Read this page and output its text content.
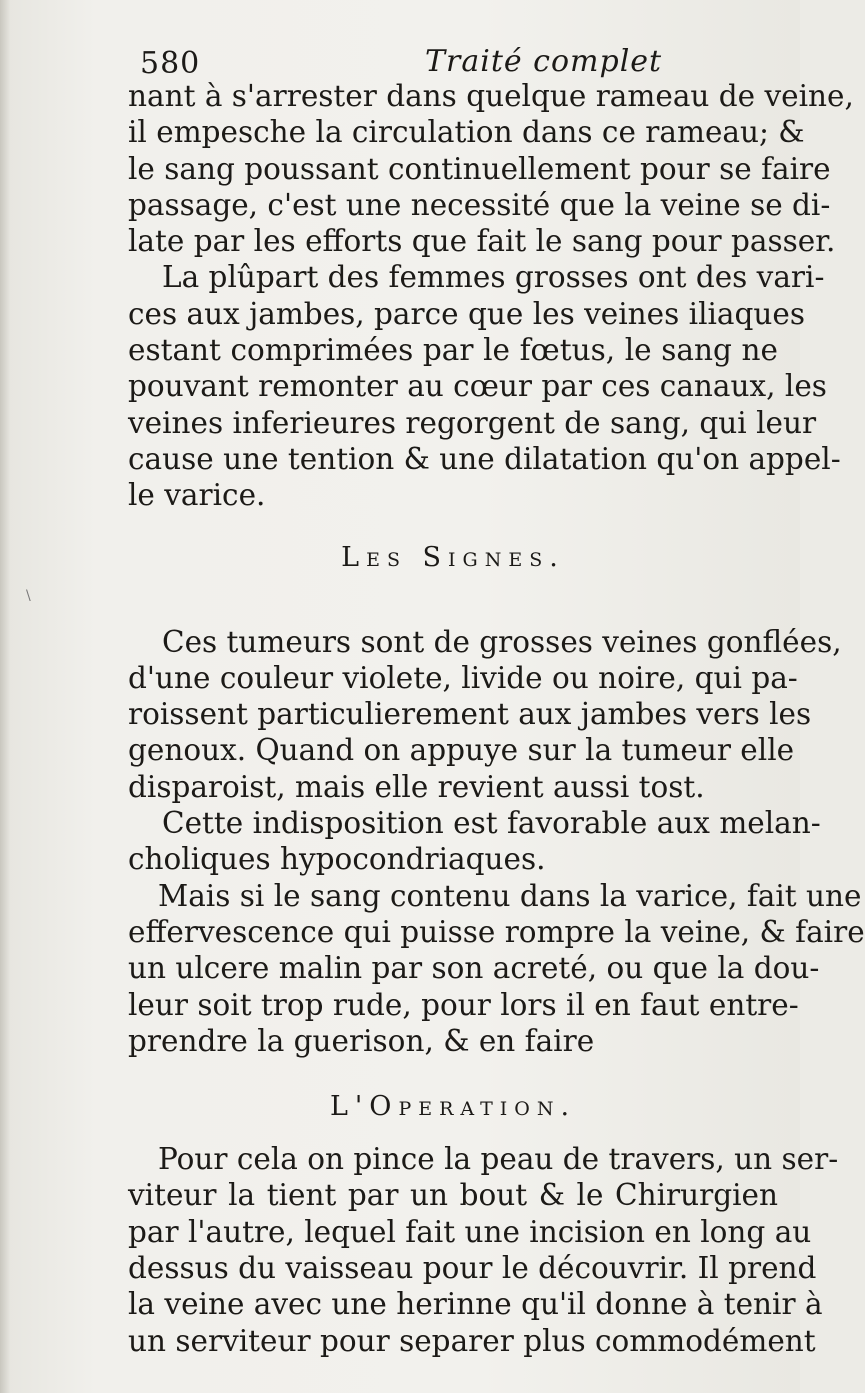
580	Traité complet
\
nant à s'arrester dans quelque rameau de veine,
il empesche la circulation dans ce rameau; &
le sang poussant continuellement pour se faire
passage, c'est une necessité que la veine se di-
late par les efforts que fait le sang pour passer.
La plûpart des femmes grosses ont des vari-
ces aux jambes, parce que les veines iliaques
estant comprimées par le fœtus, le sang ne
pouvant remonter au cœur par ces canaux, les
veines inferieures regorgent de sang, qui leur
cause une tention & une dilatation qu'on appel-
le varice.
Les Signes.
Ces tumeurs sont de grosses veines gonflées,
d'une couleur violete, livide ou noire, qui pa-
roissent particulierement aux jambes vers les
genoux. Quand on appuye sur la tumeur elle
disparoist, mais elle revient aussi tost.
Cette indisposition est favorable aux melan-
choliques hypocondriaques.
Mais si le sang contenu dans la varice, fait une
effervescence qui puisse rompre la veine, & faire
un ulcere malin par son acreté, ou que la dou-
leur soit trop rude, pour lors il en faut entre-
prendre la guerison, & en faire
L'Operation.
Pour cela on pince la peau de travers, un ser-
viteur la tient par un bout & le Chirurgien
par l'autre, lequel fait une incision en long au
dessus du vaisseau pour le découvrir. Il prend
la veine avec une herinne qu'il donne à tenir à
un serviteur pour separer plus commodément
